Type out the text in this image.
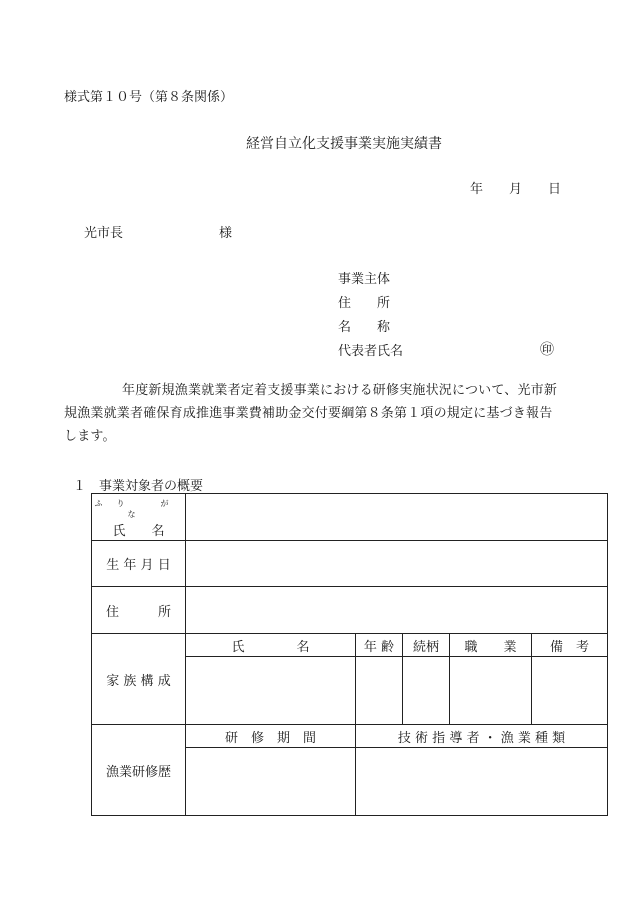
様式第１０号（第８条関係）
経営自立化支援事業実施実績書
年 月 日
光市長	様
事業主体
住　　所
名　　称
代表者氏名	㊞
年度新規漁業就業者定着支援事業における研修実施状況について、光市新規漁業就業者確保育成推進事業費補助金交付要綱第８条第１項の規定に基づき報告します。
１　事業対象者の概要
ふり　がな
氏　　名					
生 年 月 日					
住　　　所					
家 族 構 成	氏　　　　名	年 齢	続柄	職　　業	備　考

漁業研修歴	研　修　期　間	技 術 指 導 者 ・ 漁 業 種 類			
